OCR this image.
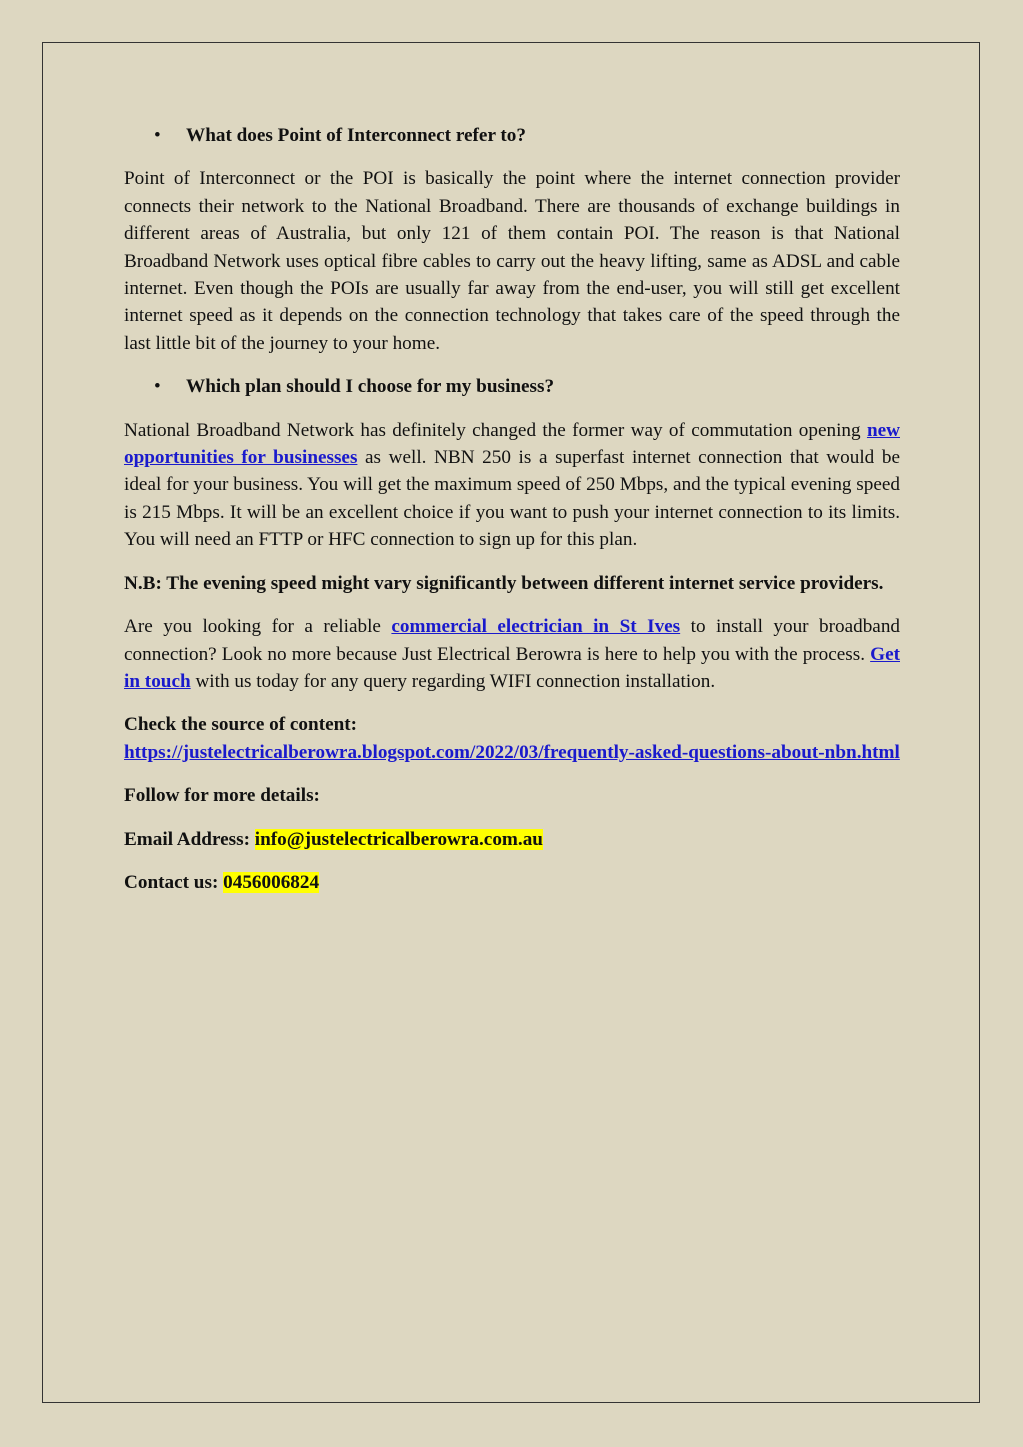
• What does Point of Interconnect refer to?

Point of Interconnect or the POI is basically the point where the internet connection provider connects their network to the National Broadband. There are thousands of exchange buildings in different areas of Australia, but only 121 of them contain POI. The reason is that National Broadband Network uses optical fibre cables to carry out the heavy lifting, same as ADSL and cable internet. Even though the POIs are usually far away from the end-user, you will still get excellent internet speed as it depends on the connection technology that takes care of the speed through the last little bit of the journey to your home.

• Which plan should I choose for my business?

National Broadband Network has definitely changed the former way of commutation opening new opportunities for businesses as well. NBN 250 is a superfast internet connection that would be ideal for your business. You will get the maximum speed of 250 Mbps, and the typical evening speed is 215 Mbps. It will be an excellent choice if you want to push your internet connection to its limits. You will need an FTTP or HFC connection to sign up for this plan.

N.B: The evening speed might vary significantly between different internet service providers.

Are you looking for a reliable commercial electrician in St Ives to install your broadband connection? Look no more because Just Electrical Berowra is here to help you with the process. Get in touch with us today for any query regarding WIFI connection installation.

Check the source of content:
https://justelectricalberowra.blogspot.com/2022/03/frequently-asked-questions-about-nbn.html

Follow for more details:

Email Address: info@justelectricalberowra.com.au

Contact us: 0456006824
